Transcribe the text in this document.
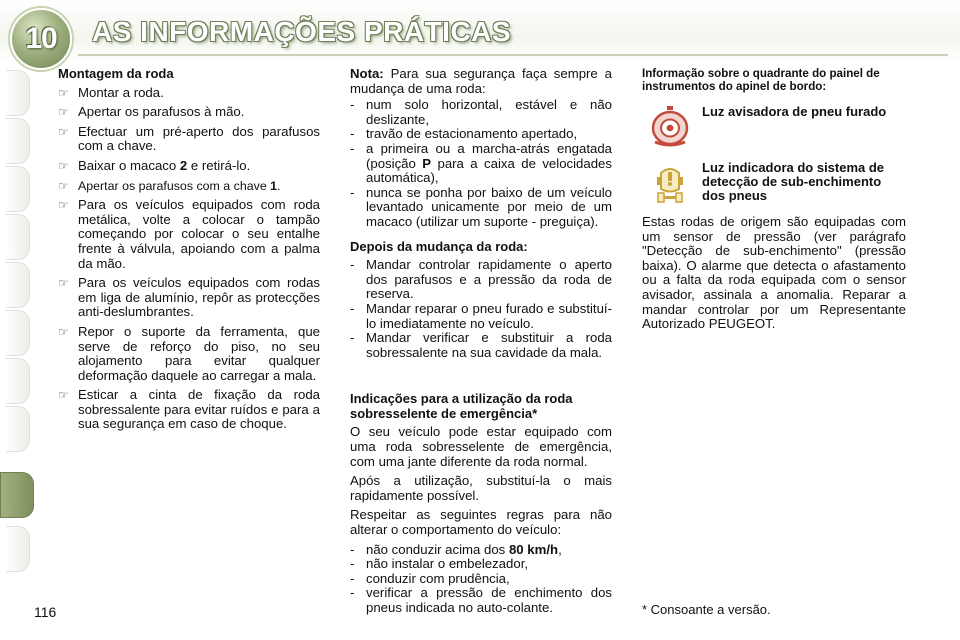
10 AS INFORMAÇÕES PRÁTICAS
Montagem da roda
☞ Montar a roda.
☞ Apertar os parafusos à mão.
☞ Efectuar um pré-aperto dos parafusos com a chave.
☞ Baixar o macaco 2 e retirá-lo.
☞ Apertar os parafusos com a chave 1.
☞ Para os veículos equipados com roda metálica, volte a colocar o tampão começando por colocar o seu entalhe frente à válvula, apoiando com a palma da mão.
☞ Para os veículos equipados com rodas em liga de alumínio, repôr as protecções anti-deslumbrantes.
☞ Repor o suporte da ferramenta, que serve de reforço do piso, no seu alojamento para evitar qualquer deformação daquele ao carregar a mala.
☞ Esticar a cinta de fixação da roda sobressalente para evitar ruídos e para a sua segurança em caso de choque.

Nota: Para sua segurança faça sempre a mudança de uma roda:

- num solo horizontal, estável e não deslizante,
- travão de estacionamento apertado,
- a primeira ou a marcha-atrás engatada (posição P para a caixa de velocidades automática),
- nunca se ponha por baixo de um veículo levantado unicamente por meio de um macaco (utilizar um suporte - preguiça).
Depois da mudança da roda:
- Mandar controlar rapidamente o aperto dos parafusos e a pressão da roda de reserva.
- Mandar reparar o pneu furado e substituí-lo imediatamente no veículo.
- Mandar verificar e substituir a roda sobressalente na sua cavidade da mala.
Indicações para a utilização da roda sobresselente de emergência*

O seu veículo pode estar equipado com uma roda sobresselente de emergência, com uma jante diferente da roda normal.

Após a utilização, substituí-la o mais rapidamente possível.

Respeitar as seguintes regras para não alterar o comportamento do veículo:

- não conduzir acima dos 80 km/h,
- não instalar o embelezador,
- conduzir com prudência,
- verificar a pressão de enchimento dos pneus indicada no auto-colante.
Informação sobre o quadrante do painel de instrumentos do apinel de bordo:
Luz avisadora de pneu furado
Luz indicadora do sistema de detecção de sub-enchimento dos pneus

Estas rodas de origem são equipadas com um sensor de pressão (ver parágrafo "Detecção de sub-enchimento" (pressão baixa). O alarme que detecta o afastamento ou a falta da roda equipada com o sensor avisador, assinala a anomalia. Reparar a mandar controlar por um Representante Autorizado PEUGEOT.

116	* Consoante a versão.
